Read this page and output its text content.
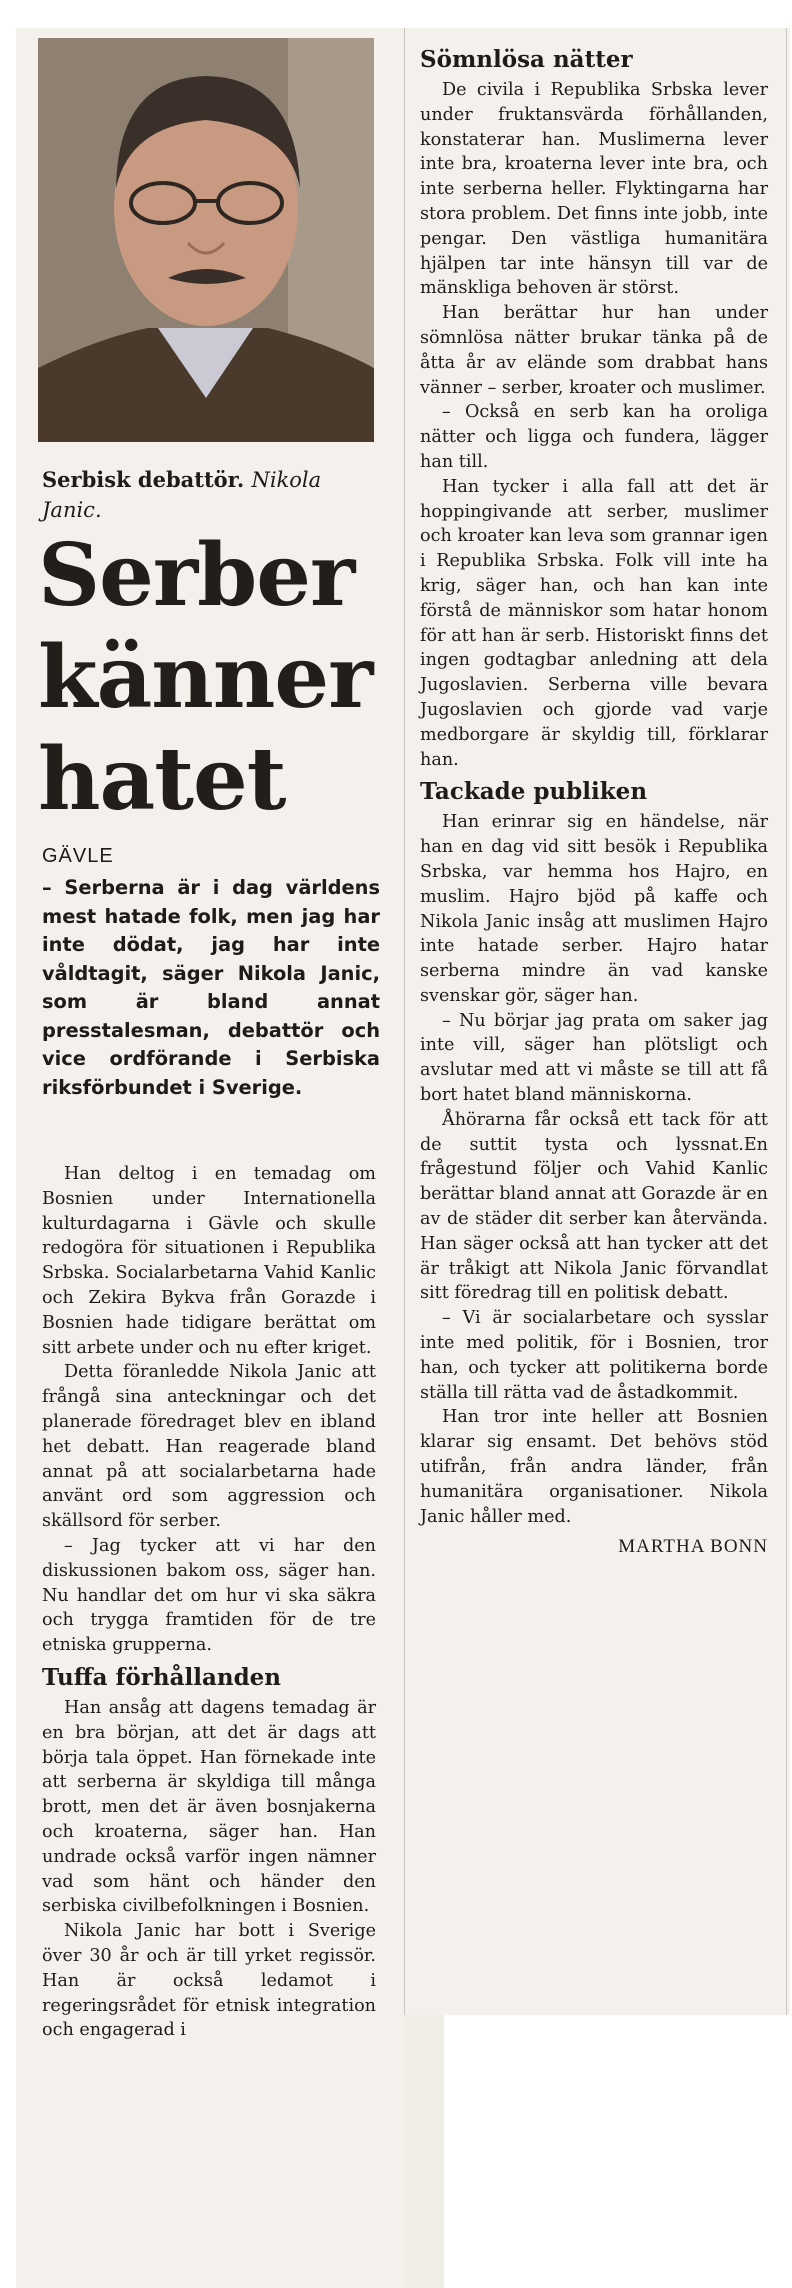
Serbisk debattör. Nikola Janic.
Serber
känner
hatet
GÄVLE
– Serberna är i dag världens mest hatade folk, men jag har inte dödat, jag har inte våldtagit, säger Nikola Janic, som är bland annat presstalesman, debattör och vice ordförande i Serbiska riksförbundet i Sverige.

Han deltog i en temadag om Bosnien under Internationella kulturdagarna i Gävle och skulle redogöra för situationen i Republika Srbska. Socialarbetarna Vahid Kanlic och Zekira Bykva från Gorazde i Bosnien hade tidigare berättat om sitt arbete under och nu efter kriget.

Detta föranledde Nikola Janic att frångå sina anteckningar och det planerade föredraget blev en ibland het debatt. Han reagerade bland annat på att socialarbetarna hade använt ord som aggression och skällsord för serber.

– Jag tycker att vi har den diskussionen bakom oss, säger han. Nu handlar det om hur vi ska säkra och trygga framtiden för de tre etniska grupperna.

Tuffa förhållanden

Han ansåg att dagens temadag är en bra början, att det är dags att börja tala öppet. Han förnekade inte att serberna är skyldiga till många brott, men det är även bosnjakerna och kroaterna, säger han. Han undrade också varför ingen nämner vad som hänt och händer den serbiska civilbefolkningen i Bosnien.

Nikola Janic har bott i Sverige över 30 år och är till yrket regissör. Han är också ledamot i regeringsrådet för etnisk integration och engagerad i

Sömnlösa nätter

De civila i Republika Srbska lever under fruktansvärda förhållanden, konstaterar han. Muslimerna lever inte bra, kroaterna lever inte bra, och inte serberna heller. Flyktingarna har stora problem. Det finns inte jobb, inte pengar. Den västliga humanitära hjälpen tar inte hänsyn till var de mänskliga behoven är störst.

Han berättar hur han under sömnlösa nätter brukar tänka på de åtta år av elände som drabbat hans vänner – serber, kroater och muslimer.

– Också en serb kan ha oroliga nätter och ligga och fundera, lägger han till.

Han tycker i alla fall att det är hoppingivande att serber, muslimer och kroater kan leva som grannar igen i Republika Srbska. Folk vill inte ha krig, säger han, och han kan inte förstå de människor som hatar honom för att han är serb. Historiskt finns det ingen godtagbar anledning att dela Jugoslavien. Serberna ville bevara Jugoslavien och gjorde vad varje medborgare är skyldig till, förklarar han.

Tackade publiken

Han erinrar sig en händelse, när han en dag vid sitt besök i Republika Srbska, var hemma hos Hajro, en muslim. Hajro bjöd på kaffe och Nikola Janic insåg att muslimen Hajro inte hatade serber. Hajro hatar serberna mindre än vad kanske svenskar gör, säger han.

– Nu börjar jag prata om saker jag inte vill, säger han plötsligt och avslutar med att vi måste se till att få bort hatet bland människorna.

Åhörarna får också ett tack för att de suttit tysta och lyssnat.En frågestund följer och Vahid Kanlic berättar bland annat att Gorazde är en av de städer dit serber kan återvända. Han säger också att han tycker att det är tråkigt att Nikola Janic förvandlat sitt föredrag till en politisk debatt.

– Vi är socialarbetare och sysslar inte med politik, för i Bosnien, tror han, och tycker att politikerna borde ställa till rätta vad de åstadkommit.

Han tror inte heller att Bosnien klarar sig ensamt. Det behövs stöd utifrån, från andra länder, från humanitära organisationer. Nikola Janic håller med.

MARTHA BONN
